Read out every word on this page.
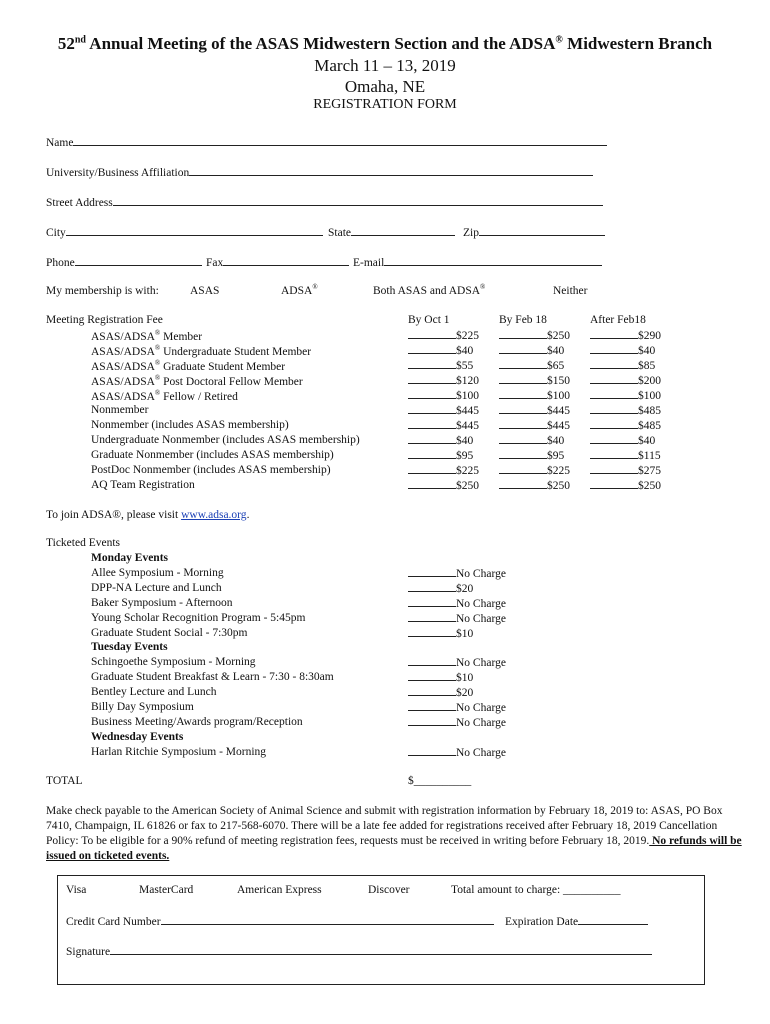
52nd Annual Meeting of the ASAS Midwestern Section and the ADSA® Midwestern Branch
March 11 – 13, 2019
Omaha, NE
REGISTRATION FORM
Name
University/Business Affiliation
Street Address
City	State	Zip
Phone	Fax	E-mail
My membership is with:	ASAS	ADSA®	Both ASAS and ADSA®	Neither
Meeting Registration Fee	By Oct 1	By Feb 18	After Feb18
ASAS/ADSA® Member	$225	$250	$290
ASAS/ADSA® Undergraduate Student Member	$40	$40	$40
ASAS/ADSA® Graduate Student Member	$55	$65	$85
ASAS/ADSA® Post Doctoral Fellow Member	$120	$150	$200
ASAS/ADSA® Fellow / Retired	$100	$100	$100
Nonmember	$445	$445	$485
Nonmember (includes ASAS membership)	$445	$445	$485
Undergraduate Nonmember (includes ASAS membership)	$40	$40	$40
Graduate Nonmember (includes ASAS membership)	$95	$95	$115
PostDoc Nonmember (includes ASAS membership)	$225	$225	$275
AQ Team Registration	$250	$250	$250
To join ADSA®, please visit www.adsa.org.
Ticketed Events
Monday Events
Allee Symposium - Morning	No Charge
DPP-NA Lecture and Lunch	$20
Baker Symposium - Afternoon	No Charge
Young Scholar Recognition Program - 5:45pm	No Charge
Graduate Student Social - 7:30pm	$10
Tuesday Events
Schingoethe Symposium - Morning	No Charge
Graduate Student Breakfast & Learn - 7:30 - 8:30am	$10
Bentley Lecture and Lunch	$20
Billy Day Symposium	No Charge
Business Meeting/Awards program/Reception	No Charge
Wednesday Events
Harlan Ritchie Symposium - Morning	No Charge
TOTAL	$__________
Make check payable to the American Society of Animal Science and submit with registration information by February 18, 2019 to: ASAS, PO Box 7410, Champaign, IL 61826 or fax to 217-568-6070. There will be a late fee added for registrations received after February 18, 2019 Cancellation Policy: To be eligible for a 90% refund of meeting registration fees, requests must be received in writing before February 18, 2019. No refunds will be issued on ticketed events.
Visa	MasterCard	American Express	Discover	Total amount to charge: __________
Credit Card Number	Expiration Date
Signature
